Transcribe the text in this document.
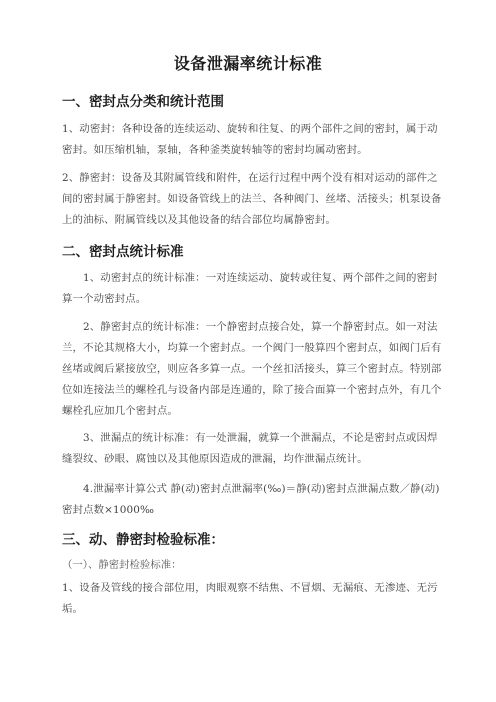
设备泄漏率统计标准
一、密封点分类和统计范围
1、动密封：各种设备的连续运动、旋转和往复、的两个部件之间的密封，属于动密封。如压缩机轴，泵轴，各种釜类旋转轴等的密封均属动密封。
2、静密封：设备及其附属管线和附件，在运行过程中两个没有相对运动的部件之间的密封属于静密封。如设备管线上的法兰、各种阀门、丝堵、活接头；机泵设备上的油标、附属管线以及其他设备的结合部位均属静密封。
二、密封点统计标准
1、动密封点的统计标准：一对连续运动、旋转或往复、两个部件之间的密封算一个动密封点。
2、静密封点的统计标准：一个静密封点接合处，算一个静密封点。如一对法兰，不论其规格大小，均算一个密封点。一个阀门一般算四个密封点，如阀门后有丝堵或阀后紧接放空，则应各多算一点。一个丝扣活接头，算三个密封点。特别部位如连接法兰的螺栓孔与设备内部是连通的，除了接合面算一个密封点外，有几个螺栓孔应加几个密封点。
3、泄漏点的统计标准：有一处泄漏，就算一个泄漏点，不论是密封点或因焊缝裂纹、砂眼、腐蚀以及其他原因造成的泄漏，均作泄漏点统计。
4.泄漏率计算公式 静(动)密封点泄漏率(‰)＝静(动)密封点泄漏点数／静(动)密封点数×1000‰
三、动、静密封检验标准：
（一）、静密封检验标准：
1、设备及管线的接合部位用，肉眼观察不结焦、不冒烟、无漏痕、无渗迹、无污垢。
